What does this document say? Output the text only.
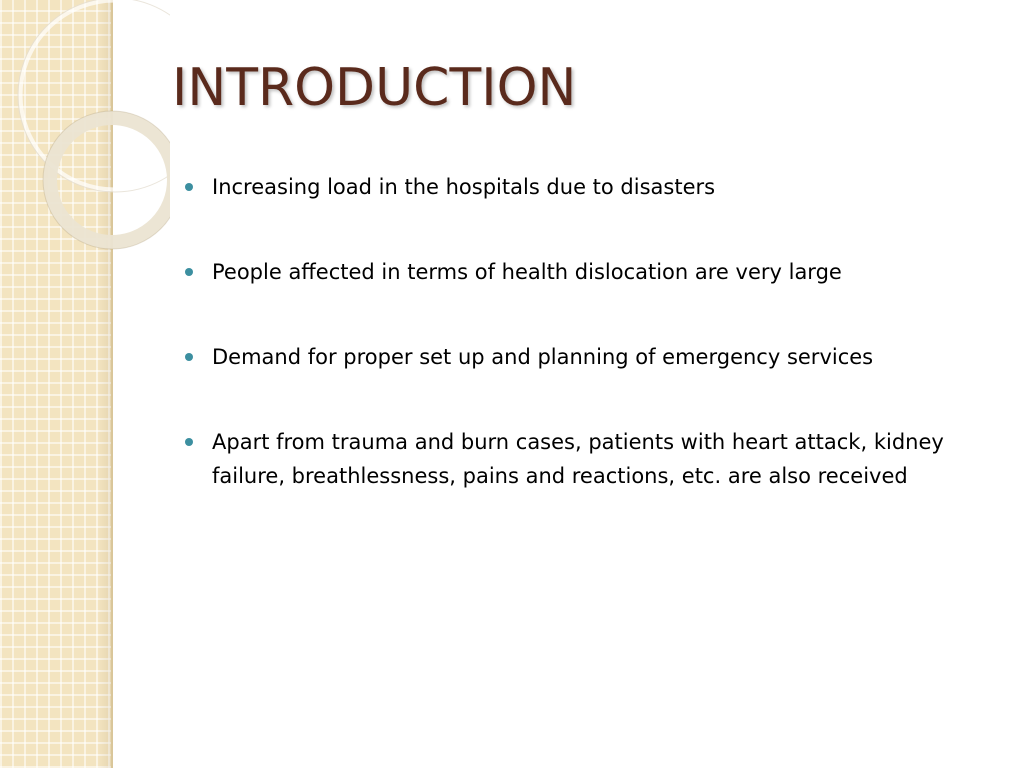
INTRODUCTION
Increasing load in the hospitals due to disasters
People affected in terms of health dislocation are very large
Demand for proper set up and planning of emergency services
Apart from trauma and burn cases, patients with heart attack, kidney failure, breathlessness, pains and reactions, etc. are also received
